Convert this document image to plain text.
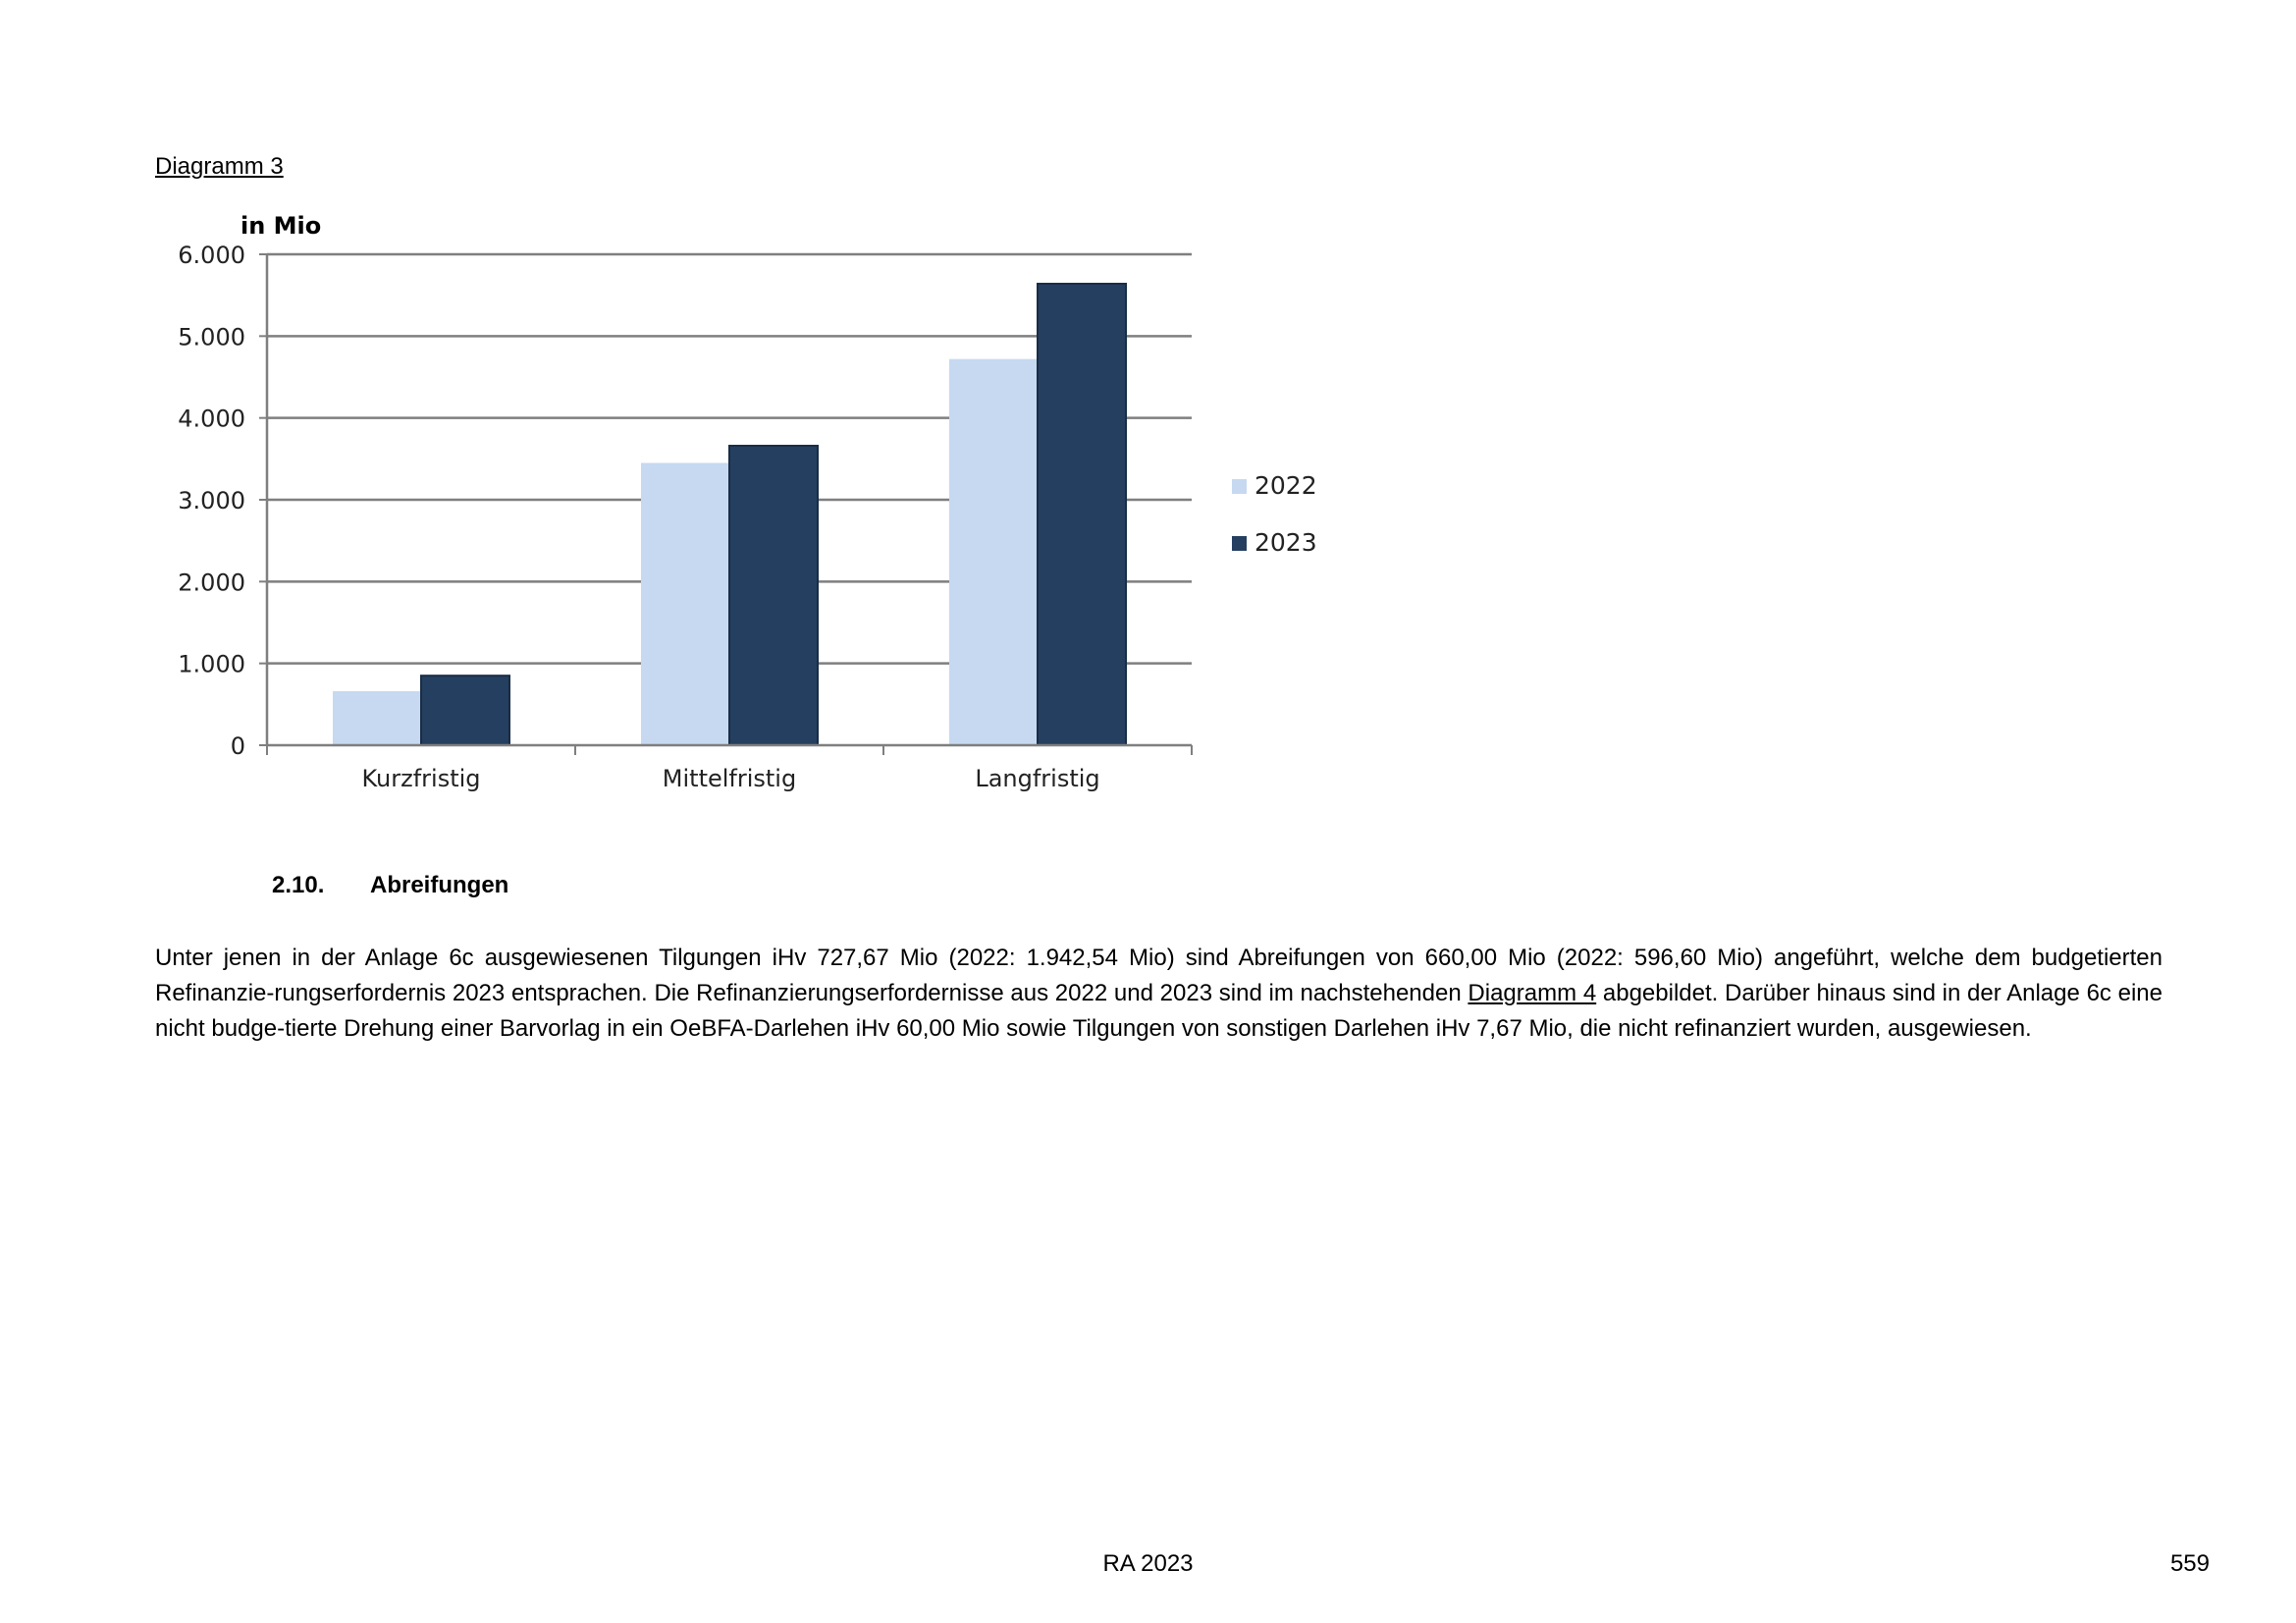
Diagramm 3
in Mio
0
1.000
2.000
3.000
4.000
5.000
6.000
Kurzfristig	Mittelfristig	Langfristig
2022
2023
2.10. Abreifungen
Unter jenen in der Anlage 6c ausgewiesenen Tilgungen iHv 727,67 Mio (2022: 1.942,54 Mio) sind Abreifungen von 660,00 Mio (2022: 596,60 Mio) angeführt, welche dem budgetierten Refinanzie-rungserfordernis 2023 entsprachen. Die Refinanzierungserfordernisse aus 2022 und 2023 sind im nachstehenden Diagramm 4 abgebildet. Darüber hinaus sind in der Anlage 6c eine nicht budge-tierte Drehung einer Barvorlag in ein OeBFA-Darlehen iHv 60,00 Mio sowie Tilgungen von sonstigen Darlehen iHv 7,67 Mio, die nicht refinanziert wurden, ausgewiesen.
RA 2023	559
